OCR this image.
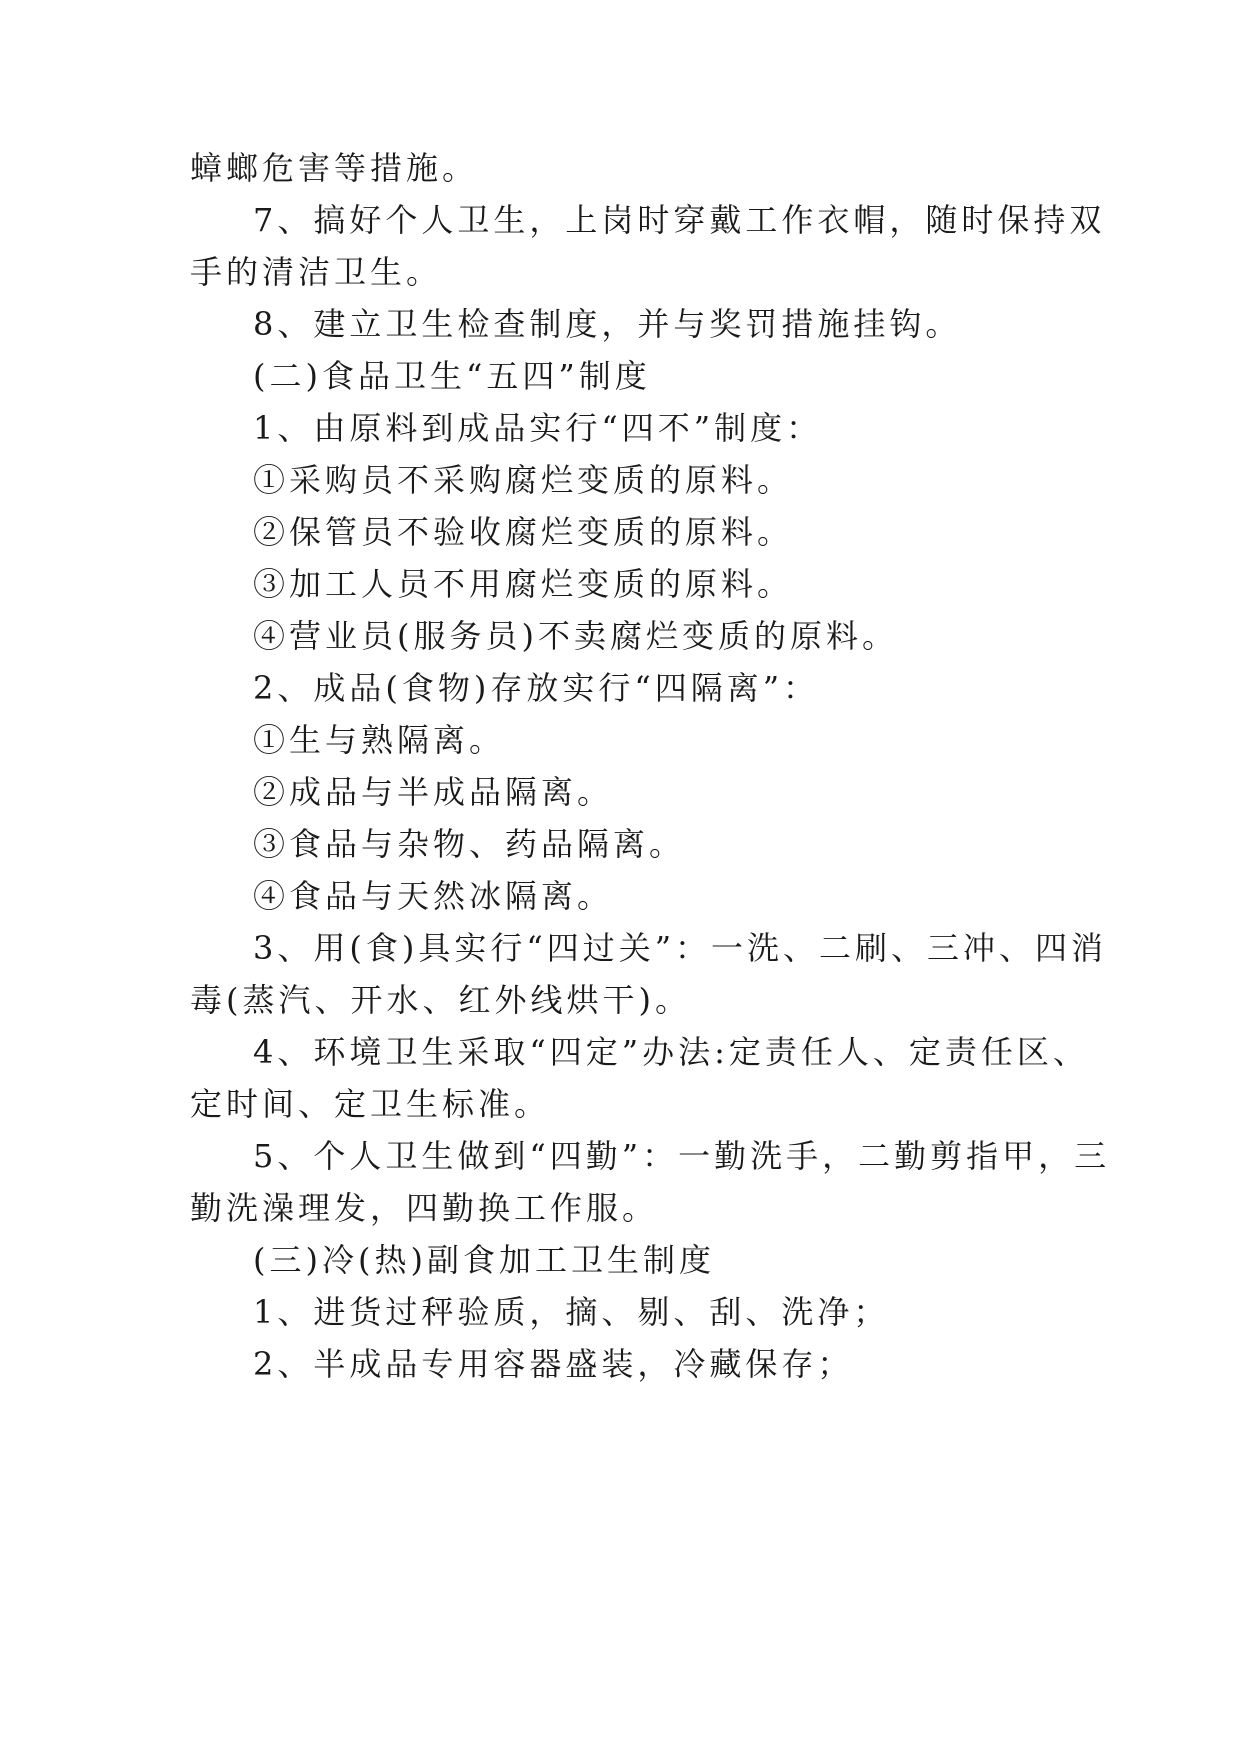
蟑螂危害等措施。
7、搞好个人卫生，上岗时穿戴工作衣帽，随时保持双
手的清洁卫生。
8、建立卫生检查制度，并与奖罚措施挂钩。
(二)食品卫生“五四”制度
1、由原料到成品实行“四不”制度：
①采购员不采购腐烂变质的原料。
②保管员不验收腐烂变质的原料。
③加工人员不用腐烂变质的原料。
④营业员(服务员)不卖腐烂变质的原料。
2、成品(食物)存放实行“四隔离”：
①生与熟隔离。
②成品与半成品隔离。
③食品与杂物、药品隔离。
④食品与天然冰隔离。
3、用(食)具实行“四过关”：一洗、二刷、三冲、四消
毒(蒸汽、开水、红外线烘干)。
4、环境卫生采取“四定”办法:定责任人、定责任区、
定时间、定卫生标准。
5、个人卫生做到“四勤”：一勤洗手，二勤剪指甲，三
勤洗澡理发，四勤换工作服。
(三)冷(热)副食加工卫生制度
1、进货过秤验质，摘、剔、刮、洗净；
2、半成品专用容器盛装，冷藏保存；
